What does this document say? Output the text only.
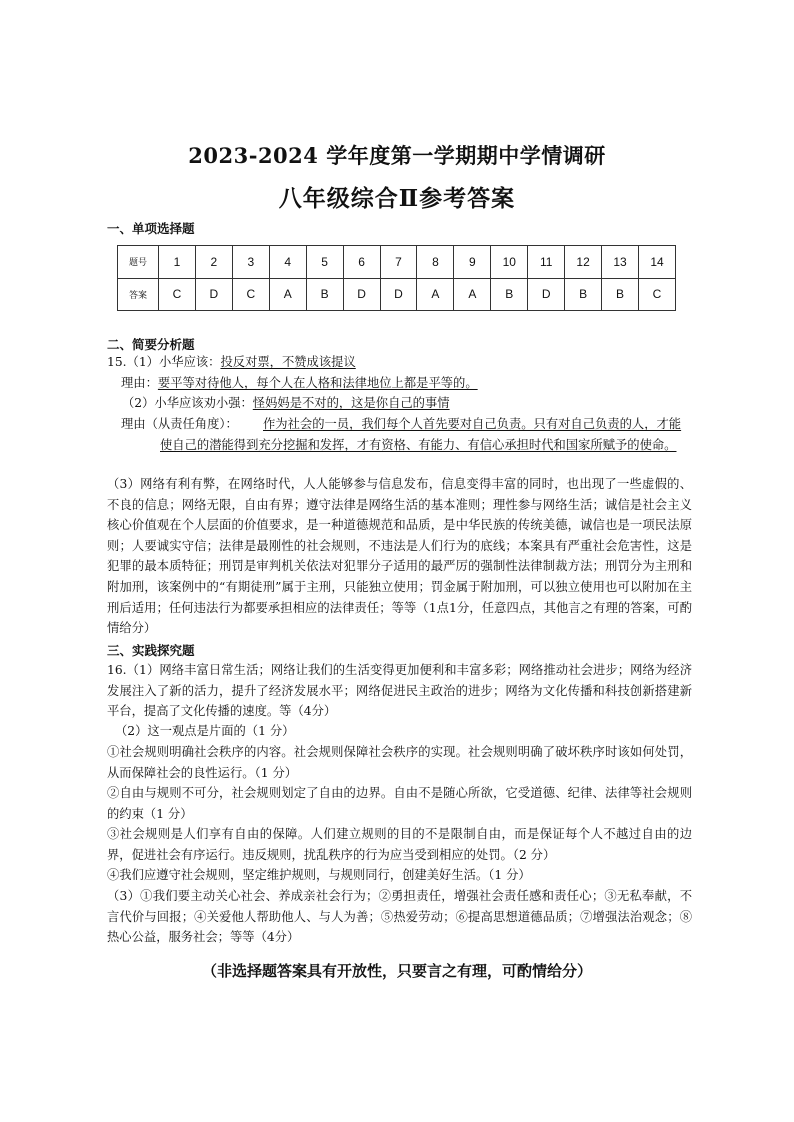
2023-2024 学年度第一学期期中学情调研
八年级综合Ⅱ参考答案
一、单项选择题
题号	1	2	3	4	5	6	7	8	9	10	11	12	13	14
答案	C	D	C	A	B	D	D	A	A	B	D	B	B	C
二、简要分析题
15.（1）小华应该：投反对票，不赞成该提议
理由：要平等对待他人，每个人在人格和法律地位上都是平等的。
（2）小华应该劝小强：怪妈妈是不对的，这是你自己的事情
理由（从责任角度）：	作为社会的一员，我们每个人首先要对自己负责。只有对自己负责的人，才能使自己的潜能得到充分挖掘和发挥，才有资格、有能力、有信心承担时代和国家所赋予的使命。
（3）网络有利有弊，在网络时代，人人能够参与信息发布，信息变得丰富的同时，也出现了一些虚假的、不良的信息；网络无限，自由有界；遵守法律是网络生活的基本准则；理性参与网络生活；诚信是社会主义核心价值观在个人层面的价值要求，是一种道德规范和品质，是中华民族的传统美德，诚信也是一项民法原则；人要诚实守信；法律是最刚性的社会规则，不违法是人们行为的底线；本案具有严重社会危害性，这是犯罪的最本质特征；刑罚是审判机关依法对犯罪分子适用的最严厉的强制性法律制裁方法；刑罚分为主刑和附加刑，该案例中的“有期徒刑”属于主刑，只能独立使用；罚金属于附加刑，可以独立使用也可以附加在主刑后适用；任何违法行为都要承担相应的法律责任；等等（1点1分，任意四点，其他言之有理的答案，可酌情给分）
三、实践探究题
16.（1）网络丰富日常生活；网络让我们的生活变得更加便利和丰富多彩；网络推动社会进步；网络为经济发展注入了新的活力，提升了经济发展水平；网络促进民主政治的进步；网络为文化传播和科技创新搭建新平台，提高了文化传播的速度。等（4分）
（2）这一观点是片面的（1 分）
①社会规则明确社会秩序的内容。社会规则保障社会秩序的实现。社会规则明确了破坏秩序时该如何处罚，从而保障社会的良性运行。（1 分）
②自由与规则不可分，社会规则划定了自由的边界。自由不是随心所欲，它受道德、纪律、法律等社会规则的约束（1 分）
③社会规则是人们享有自由的保障。人们建立规则的目的不是限制自由，而是保证每个人不越过自由的边界，促进社会有序运行。违反规则，扰乱秩序的行为应当受到相应的处罚。（2 分）
④我们应遵守社会规则，坚定维护规则，与规则同行，创建美好生活。（1 分）
（3）①我们要主动关心社会、养成亲社会行为；②勇担责任，增强社会责任感和责任心；③无私奉献，不言代价与回报；④关爱他人帮助他人、与人为善；⑤热爱劳动；⑥提高思想道德品质；⑦增强法治观念；⑧热心公益，服务社会；等等（4分）
（非选择题答案具有开放性，只要言之有理，可酌情给分）
